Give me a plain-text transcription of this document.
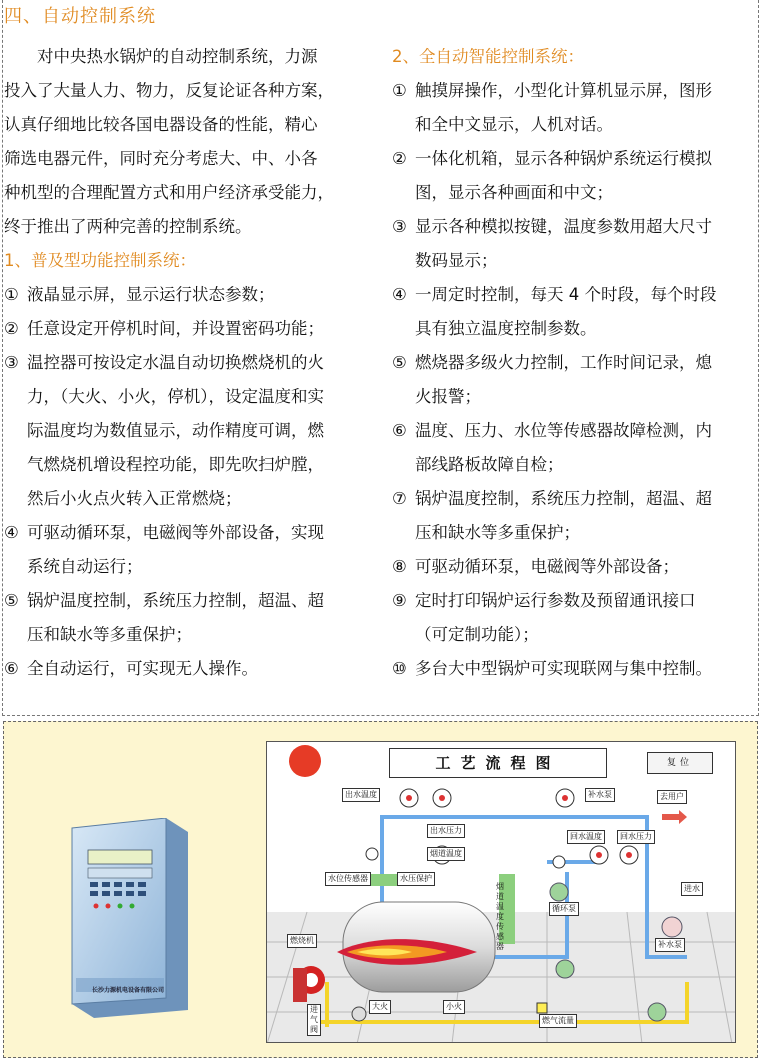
四、自动控制系统
　　对中央热水锅炉的自动控制系统，力源
投入了大量人力、物力，反复论证各种方案，
认真仔细地比较各国电器设备的性能，精心
筛选电器元件，同时充分考虑大、中、小各
种机型的合理配置方式和用户经济承受能力，
终于推出了两种完善的控制系统。
1、普及型功能控制系统：
① 液晶显示屏，显示运行状态参数；
② 任意设定开停机时间，并设置密码功能；
③ 温控器可按设定水温自动切换燃烧机的火
力，（大火、小火，停机），设定温度和实
际温度均为数值显示，动作精度可调，燃
气燃烧机增设程控功能，即先吹扫炉膛，
然后小火点火转入正常燃烧；
④ 可驱动循环泵，电磁阀等外部设备，实现
系统自动运行；
⑤ 锅炉温度控制，系统压力控制，超温、超
压和缺水等多重保护；
⑥ 全自动运行，可实现无人操作。
2、全自动智能控制系统：
① 触摸屏操作，小型化计算机显示屏，图形
和全中文显示，人机对话。
② 一体化机箱，显示各种锅炉系统运行模拟
图，显示各种画面和中文；
③ 显示各种模拟按键，温度参数用超大尺寸
数码显示；
④ 一周定时控制，每天 4 个时段，每个时段
具有独立温度控制参数。
⑤ 燃烧器多级火力控制，工作时间记录，熄
火报警；
⑥ 温度、压力、水位等传感器故障检测，内
部线路板故障自检；
⑦ 锅炉温度控制，系统压力控制，超温、超
压和缺水等多重保护；
⑧ 可驱动循环泵，电磁阀等外部设备；
⑨ 定时打印锅炉运行参数及预留通讯接口
（可定制功能）；
⑩ 多台大中型锅炉可实现联网与集中控制。
长沙力源机电设备有限公司
工艺流程图	复位
出水温度
出水压力
烟道温度
补水泵	去用户
回水温度	回水压力
水位传感器	水压保护
循环泵
进水
补水泵
燃烧机
大火	小火
燃气流量
进气阀
烟道温度传感器
